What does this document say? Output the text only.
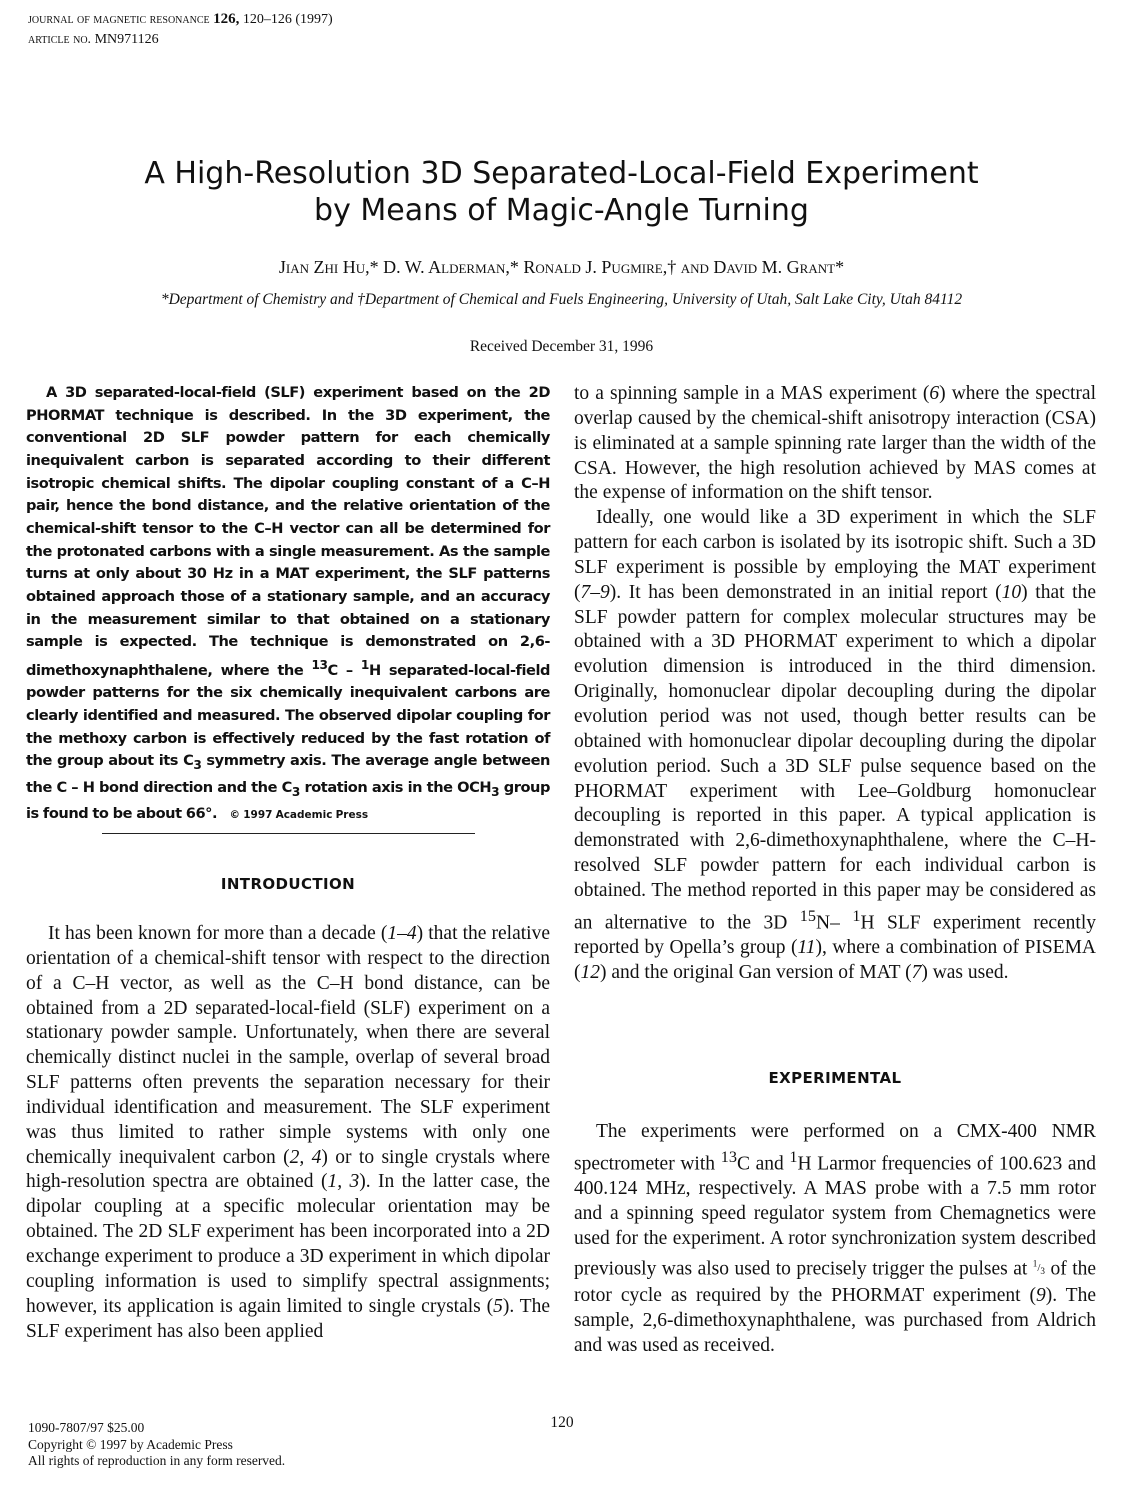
journal of magnetic resonance 126, 120–126 (1997)
article no. MN971126
A High-Resolution 3D Separated-Local-Field Experiment
by Means of Magic-Angle Turning
Jian Zhi Hu,* D. W. Alderman,* Ronald J. Pugmire,† and David M. Grant*
*Department of Chemistry and †Department of Chemical and Fuels Engineering, University of Utah, Salt Lake City, Utah 84112
Received December 31, 1996
A 3D separated-local-field (SLF) experiment based on the 2D PHORMAT technique is described. In the 3D experiment, the conventional 2D SLF powder pattern for each chemically inequivalent carbon is separated according to their different isotropic chemical shifts. The dipolar coupling constant of a C–H pair, hence the bond distance, and the relative orientation of the chemical-shift tensor to the C–H vector can all be determined for the protonated carbons with a single measurement. As the sample turns at only about 30 Hz in a MAT experiment, the SLF patterns obtained approach those of a stationary sample, and an accuracy in the measurement similar to that obtained on a stationary sample is expected. The technique is demonstrated on 2,6-dimethoxynaphthalene, where the $^{13}$C – $^1$H separated-local-field powder patterns for the six chemically inequivalent carbons are clearly identified and measured. The observed dipolar coupling for the methoxy carbon is effectively reduced by the fast rotation of the group about its $C_3$ symmetry axis. The average angle between the C – H bond direction and the $C_3$ rotation axis in the $OCH_3$ group is found to be about 66°. © 1997 Academic Press
INTRODUCTION
It has been known for more than a decade (1–4) that the relative orientation of a chemical-shift tensor with respect to the direction of a C–H vector, as well as the C–H bond distance, can be obtained from a 2D separated-local-field (SLF) experiment on a stationary powder sample. Unfortunately, when there are several chemically distinct nuclei in the sample, overlap of several broad SLF patterns often prevents the separation necessary for their individual identification and measurement. The SLF experiment was thus limited to rather simple systems with only one chemically inequivalent carbon (2, 4) or to single crystals where high-resolution spectra are obtained (1, 3). In the latter case, the dipolar coupling at a specific molecular orientation may be obtained. The 2D SLF experiment has been incorporated into a 2D exchange experiment to produce a 3D experiment in which dipolar coupling information is used to simplify spectral assignments; however, its application is again limited to single crystals (5). The SLF experiment has also been applied

to a spinning sample in a MAS experiment (6) where the spectral overlap caused by the chemical-shift anisotropy interaction (CSA) is eliminated at a sample spinning rate larger than the width of the CSA. However, the high resolution achieved by MAS comes at the expense of information on the shift tensor.

Ideally, one would like a 3D experiment in which the SLF pattern for each carbon is isolated by its isotropic shift. Such a 3D SLF experiment is possible by employing the MAT experiment (7–9). It has been demonstrated in an initial report (10) that the SLF powder pattern for complex molecular structures may be obtained with a 3D PHORMAT experiment to which a dipolar evolution dimension is introduced in the third dimension. Originally, homonuclear dipolar decoupling during the dipolar evolution period was not used, though better results can be obtained with homonuclear dipolar decoupling during the dipolar evolution period. Such a 3D SLF pulse sequence based on the PHORMAT experiment with Lee–Goldburg homonuclear decoupling is reported in this paper. A typical application is demonstrated with 2,6-dimethoxynaphthalene, where the C–H-resolved SLF powder pattern for each individual carbon is obtained. The method reported in this paper may be considered as an alternative to the 3D $^{15}$N– $^1$H SLF experiment recently reported by Opella’s group (11), where a combination of PISEMA (12) and the original Gan version of MAT (7) was used.

EXPERIMENTAL
The experiments were performed on a CMX-400 NMR spectrometer with $^{13}$C and $^1$H Larmor frequencies of 100.623 and 400.124 MHz, respectively. A MAS probe with a 7.5 mm rotor and a spinning speed regulator system from Chemagnetics were used for the experiment. A rotor synchronization system described previously was also used to precisely trigger the pulses at $^1/_3$ of the rotor cycle as required by the PHORMAT experiment (9). The sample, 2,6-dimethoxynaphthalene, was purchased from Aldrich and was used as received.
120
1090-7807/97 $25.00
Copyright © 1997 by Academic Press
All rights of reproduction in any form reserved.
